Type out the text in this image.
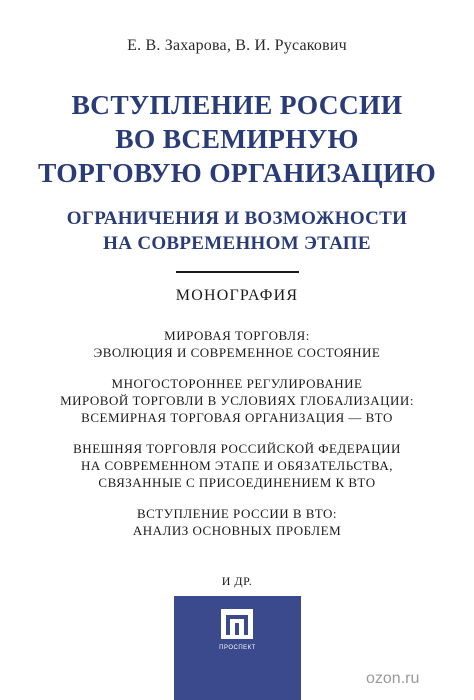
Е. В. Захарова, В. И. Русакович
ВСТУПЛЕНИЕ РОССИИ
ВО ВСЕМИРНУЮ
ТОРГОВУЮ ОРГАНИЗАЦИЮ
ОГРАНИЧЕНИЯ И ВОЗМОЖНОСТИ
НА СОВРЕМЕННОМ ЭТАПЕ
МОНОГРАФИЯ
МИРОВАЯ ТОРГОВЛЯ:
ЭВОЛЮЦИЯ И СОВРЕМЕННОЕ СОСТОЯНИЕ
МНОГОСТОРОННЕЕ РЕГУЛИРОВАНИЕ
МИРОВОЙ ТОРГОВЛИ В УСЛОВИЯХ ГЛОБАЛИЗАЦИИ:
ВСЕМИРНАЯ ТОРГОВАЯ ОРГАНИЗАЦИЯ — ВТО
ВНЕШНЯЯ ТОРГОВЛЯ РОССИЙСКОЙ ФЕДЕРАЦИИ
НА СОВРЕМЕННОМ ЭТАПЕ И ОБЯЗАТЕЛЬСТВА,
СВЯЗАННЫЕ С ПРИСОЕДИНЕНИЕМ К ВТО
ВСТУПЛЕНИЕ РОССИИ В ВТО:
АНАЛИЗ ОСНОВНЫХ ПРОБЛЕМ
И ДР.
ПРОСПЕКТ
ozon.ru
